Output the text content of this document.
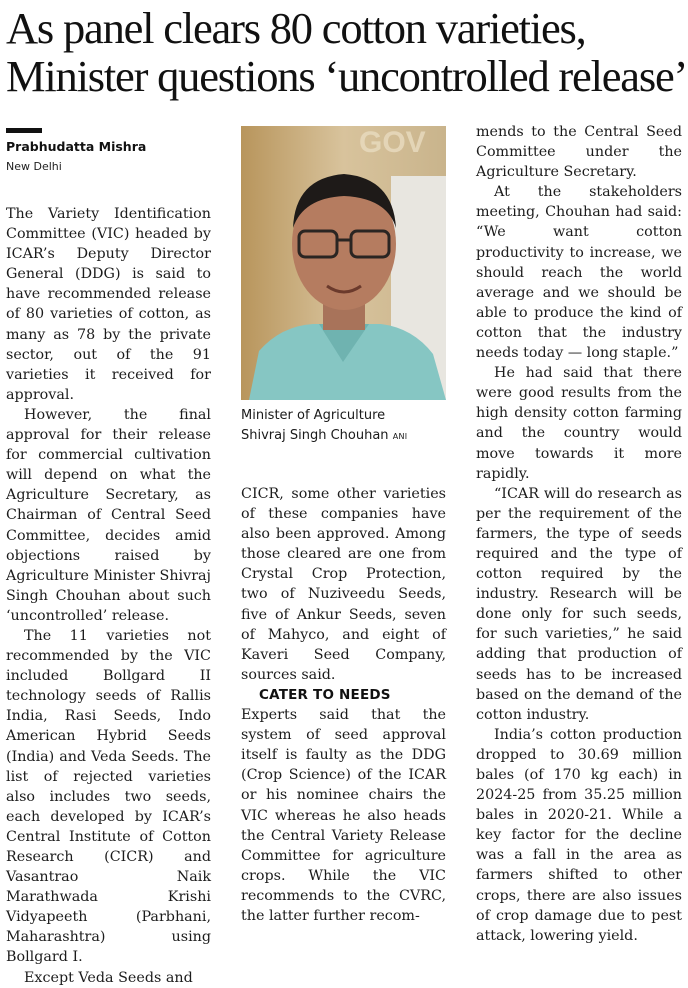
As panel clears 80 cotton varieties,
Minister questions ‘uncontrolled release’
Prabhudatta Mishra
New Delhi

The Variety Identification Committee (VIC) headed by ICAR’s Deputy Director General (DDG) is said to have recommended release of 80 varieties of cotton, as many as 78 by the private sector, out of the 91 varieties it received for approval.

However, the final approval for their release for commercial cultivation will depend on what the Agriculture Secretary, as Chairman of Central Seed Committee, decides amid objections raised by Agriculture Minister Shivraj Singh Chouhan about such ‘uncontrolled’ release.

The 11 varieties not recommended by the VIC included Bollgard II technology seeds of Rallis India, Rasi Seeds, Indo American Hybrid Seeds (India) and Veda Seeds. The list of rejected varieties also includes two seeds, each developed by ICAR’s Central Institute of Cotton Research (CICR) and Vasantrao Naik Marathwada Krishi Vidyapeeth (Parbhani, Maharashtra) using Bollgard I.

Except Veda Seeds and

GOV
Minister of Agriculture
Shivraj Singh Chouhan ANI

CICR, some other varieties of these companies have also been approved. Among those cleared are one from Crystal Crop Protection, two of Nuziveedu Seeds, five of Ankur Seeds, seven of Mahyco, and eight of Kaveri Seed Company, sources said.

CATER TO NEEDS

Experts said that the system of seed approval itself is faulty as the DDG (Crop Science) of the ICAR or his nominee chairs the VIC whereas he also heads the Central Variety Release Committee for agriculture crops. While the VIC recommends to the CVRC, the latter further recom-

mends to the Central Seed Committee under the Agriculture Secretary.

At the stakeholders meeting, Chouhan had said: “We want cotton productivity to increase, we should reach the world average and we should be able to produce the kind of cotton that the industry needs today — long staple.”

He had said that there were good results from the high density cotton farming and the country would move towards it more rapidly.

“ICAR will do research as per the requirement of the farmers, the type of seeds required and the type of cotton required by the industry. Research will be done only for such seeds, for such varieties,” he said adding that production of seeds has to be increased based on the demand of the cotton industry.

India’s cotton production dropped to 30.69 million bales (of 170 kg each) in 2024-25 from 35.25 million bales in 2020-21. While a key factor for the decline was a fall in the area as farmers shifted to other crops, there are also issues of crop damage due to pest attack, lowering yield.
